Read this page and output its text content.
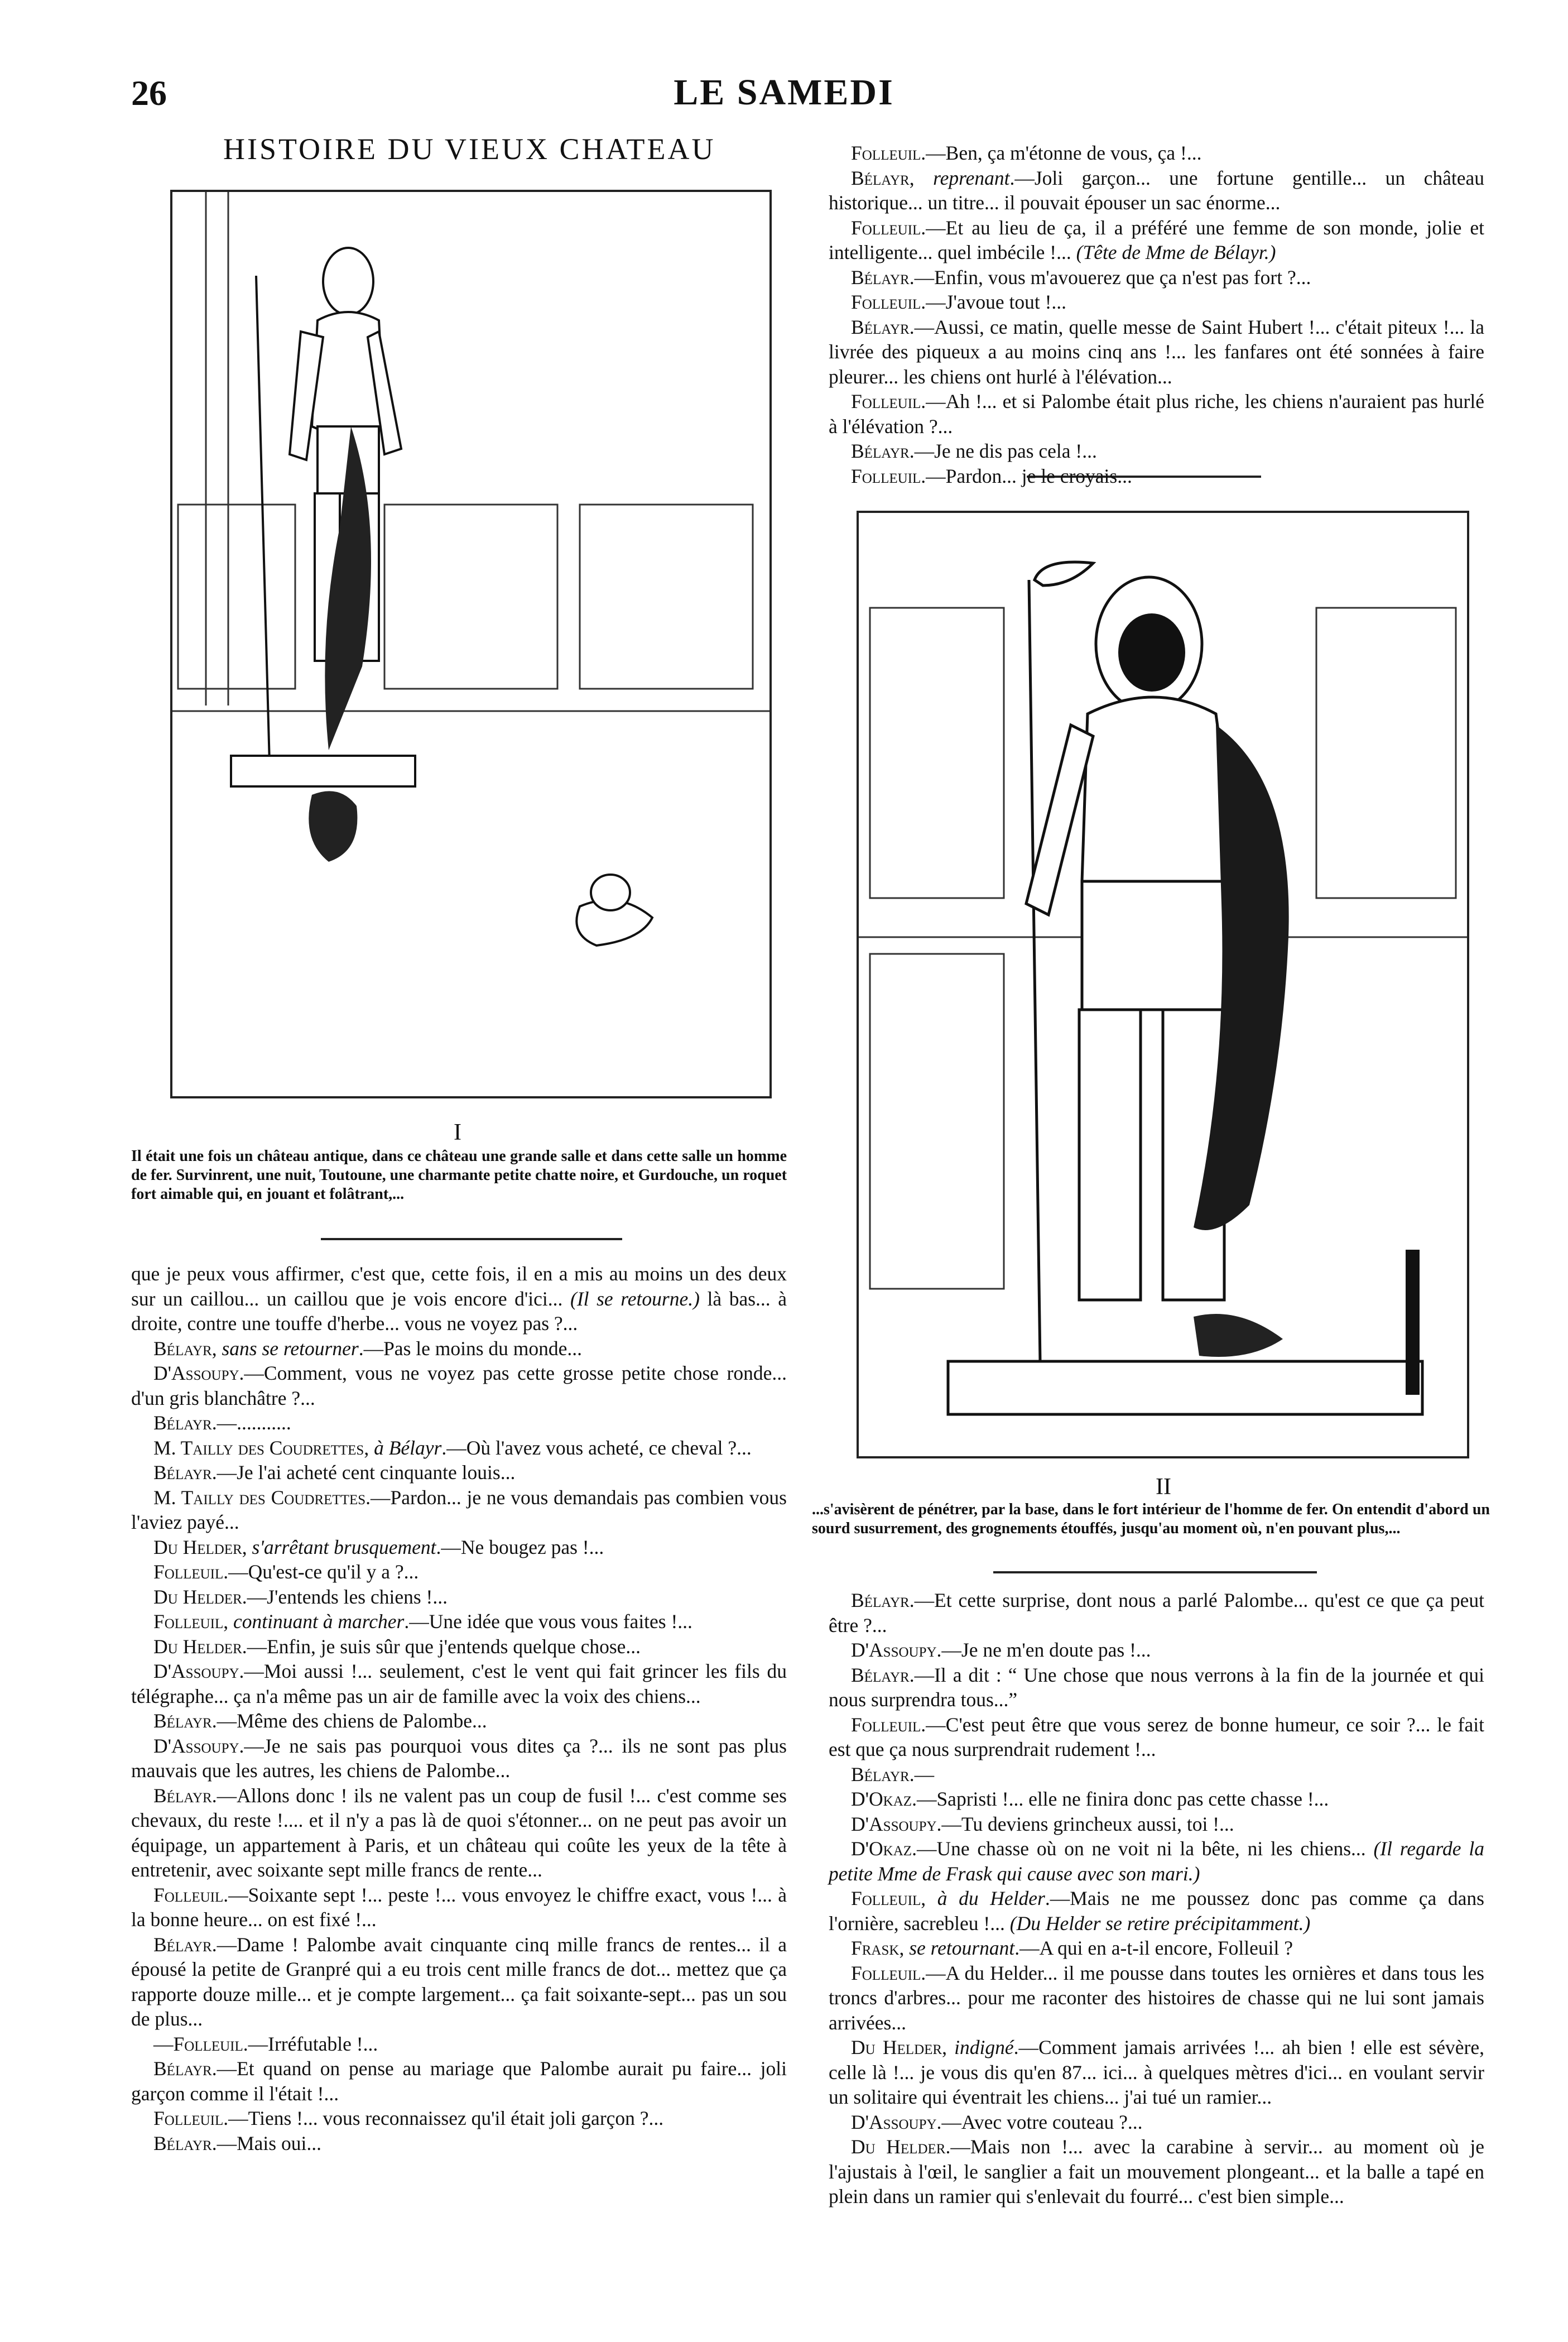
26	LE SAMEDI
HISTOIRE DU VIEUX CHATEAU
I
Il était une fois un château antique, dans ce château une grande salle et dans cette salle un homme de fer. Survinrent, une nuit, Toutoune, une charmante petite chatte noire, et Gurdouche, un roquet fort aimable qui, en jouant et folâtrant,...
II
...s'avisèrent de pénétrer, par la base, dans le fort intérieur de l'homme de fer. On entendit d'abord un sourd susurrement, des grognements étouffés, jusqu'au moment où, n'en pouvant plus,...

Folleuil.—Ben, ça m'étonne de vous, ça !...

Bélayr, reprenant.—Joli garçon... une fortune gentille... un château historique... un titre... il pouvait épouser un sac énorme...

Folleuil.—Et au lieu de ça, il a préféré une femme de son monde, jolie et intelligente... quel imbécile !... (Tête de Mme de Bélayr.)

Bélayr.—Enfin, vous m'avouerez que ça n'est pas fort ?...

Folleuil.—J'avoue tout !...

Bélayr.—Aussi, ce matin, quelle messe de Saint Hubert !... c'était piteux !... la livrée des piqueux a au moins cinq ans !... les fanfares ont été sonnées à faire pleurer... les chiens ont hurlé à l'élévation...

Folleuil.—Ah !... et si Palombe était plus riche, les chiens n'auraient pas hurlé à l'élévation ?...

Bélayr.—Je ne dis pas cela !...

Folleuil.—Pardon... je le croyais...

que je peux vous affirmer, c'est que, cette fois, il en a mis au moins un des deux sur un caillou... un caillou que je vois encore d'ici... (Il se retourne.) là bas... à droite, contre une touffe d'herbe... vous ne voyez pas ?...

Bélayr, sans se retourner.—Pas le moins du monde...

D'Assoupy.—Comment, vous ne voyez pas cette grosse petite chose ronde... d'un gris blanchâtre ?...

Bélayr.—...........

M. Tailly des Coudrettes, à Bélayr.—Où l'avez vous acheté, ce cheval ?...

Bélayr.—Je l'ai acheté cent cinquante louis...

M. Tailly des Coudrettes.—Pardon... je ne vous demandais pas combien vous l'aviez payé...

Du Helder, s'arrêtant brusquement.—Ne bougez pas !...

Folleuil.—Qu'est-ce qu'il y a ?...

Du Helder.—J'entends les chiens !...

Folleuil, continuant à marcher.—Une idée que vous vous faites !...

Du Helder.—Enfin, je suis sûr que j'entends quelque chose...

D'Assoupy.—Moi aussi !... seulement, c'est le vent qui fait grincer les fils du télégraphe... ça n'a même pas un air de famille avec la voix des chiens...

Bélayr.—Même des chiens de Palombe...

D'Assoupy.—Je ne sais pas pourquoi vous dites ça ?... ils ne sont pas plus mauvais que les autres, les chiens de Palombe...

Bélayr.—Allons donc ! ils ne valent pas un coup de fusil !... c'est comme ses chevaux, du reste !.... et il n'y a pas là de quoi s'étonner... on ne peut pas avoir un équipage, un appartement à Paris, et un château qui coûte les yeux de la tête à entretenir, avec soixante sept mille francs de rente...

Folleuil.—Soixante sept !... peste !... vous envoyez le chiffre exact, vous !... à la bonne heure... on est fixé !...

Bélayr.—Dame ! Palombe avait cinquante cinq mille francs de rentes... il a épousé la petite de Granpré qui a eu trois cent mille francs de dot... mettez que ça rapporte douze mille... et je compte largement... ça fait soixante-sept... pas un sou de plus...

—Folleuil.—Irréfutable !...

Bélayr.—Et quand on pense au mariage que Palombe aurait pu faire... joli garçon comme il l'était !...

Folleuil.—Tiens !... vous reconnaissez qu'il était joli garçon ?...

Bélayr.—Mais oui...

Bélayr.—Et cette surprise, dont nous a parlé Palombe... qu'est ce que ça peut être ?...

D'Assoupy.—Je ne m'en doute pas !...

Bélayr.—Il a dit : “ Une chose que nous verrons à la fin de la journée et qui nous surprendra tous...”

Folleuil.—C'est peut être que vous serez de bonne humeur, ce soir ?... le fait est que ça nous surprendrait rudement !...

Bélayr.—

D'Okaz.—Sapristi !... elle ne finira donc pas cette chasse !...

D'Assoupy.—Tu deviens grincheux aussi, toi !...

D'Okaz.—Une chasse où on ne voit ni la bête, ni les chiens... (Il regarde la petite Mme de Frask qui cause avec son mari.)

Folleuil, à du Helder.—Mais ne me poussez donc pas comme ça dans l'ornière, sacrebleu !... (Du Helder se retire précipitamment.)

Frask, se retournant.—A qui en a-t-il encore, Folleuil ?

Folleuil.—A du Helder... il me pousse dans toutes les ornières et dans tous les troncs d'arbres... pour me raconter des histoires de chasse qui ne lui sont jamais arrivées...

Du Helder, indigné.—Comment jamais arrivées !... ah bien ! elle est sévère, celle là !... je vous dis qu'en 87... ici... à quelques mètres d'ici... en voulant servir un solitaire qui éventrait les chiens... j'ai tué un ramier...

D'Assoupy.—Avec votre couteau ?...

Du Helder.—Mais non !... avec la carabine à servir... au moment où je l'ajustais à l'œil, le sanglier a fait un mouvement plongeant... et la balle a tapé en plein dans un ramier qui s'enlevait du fourré... c'est bien simple...
